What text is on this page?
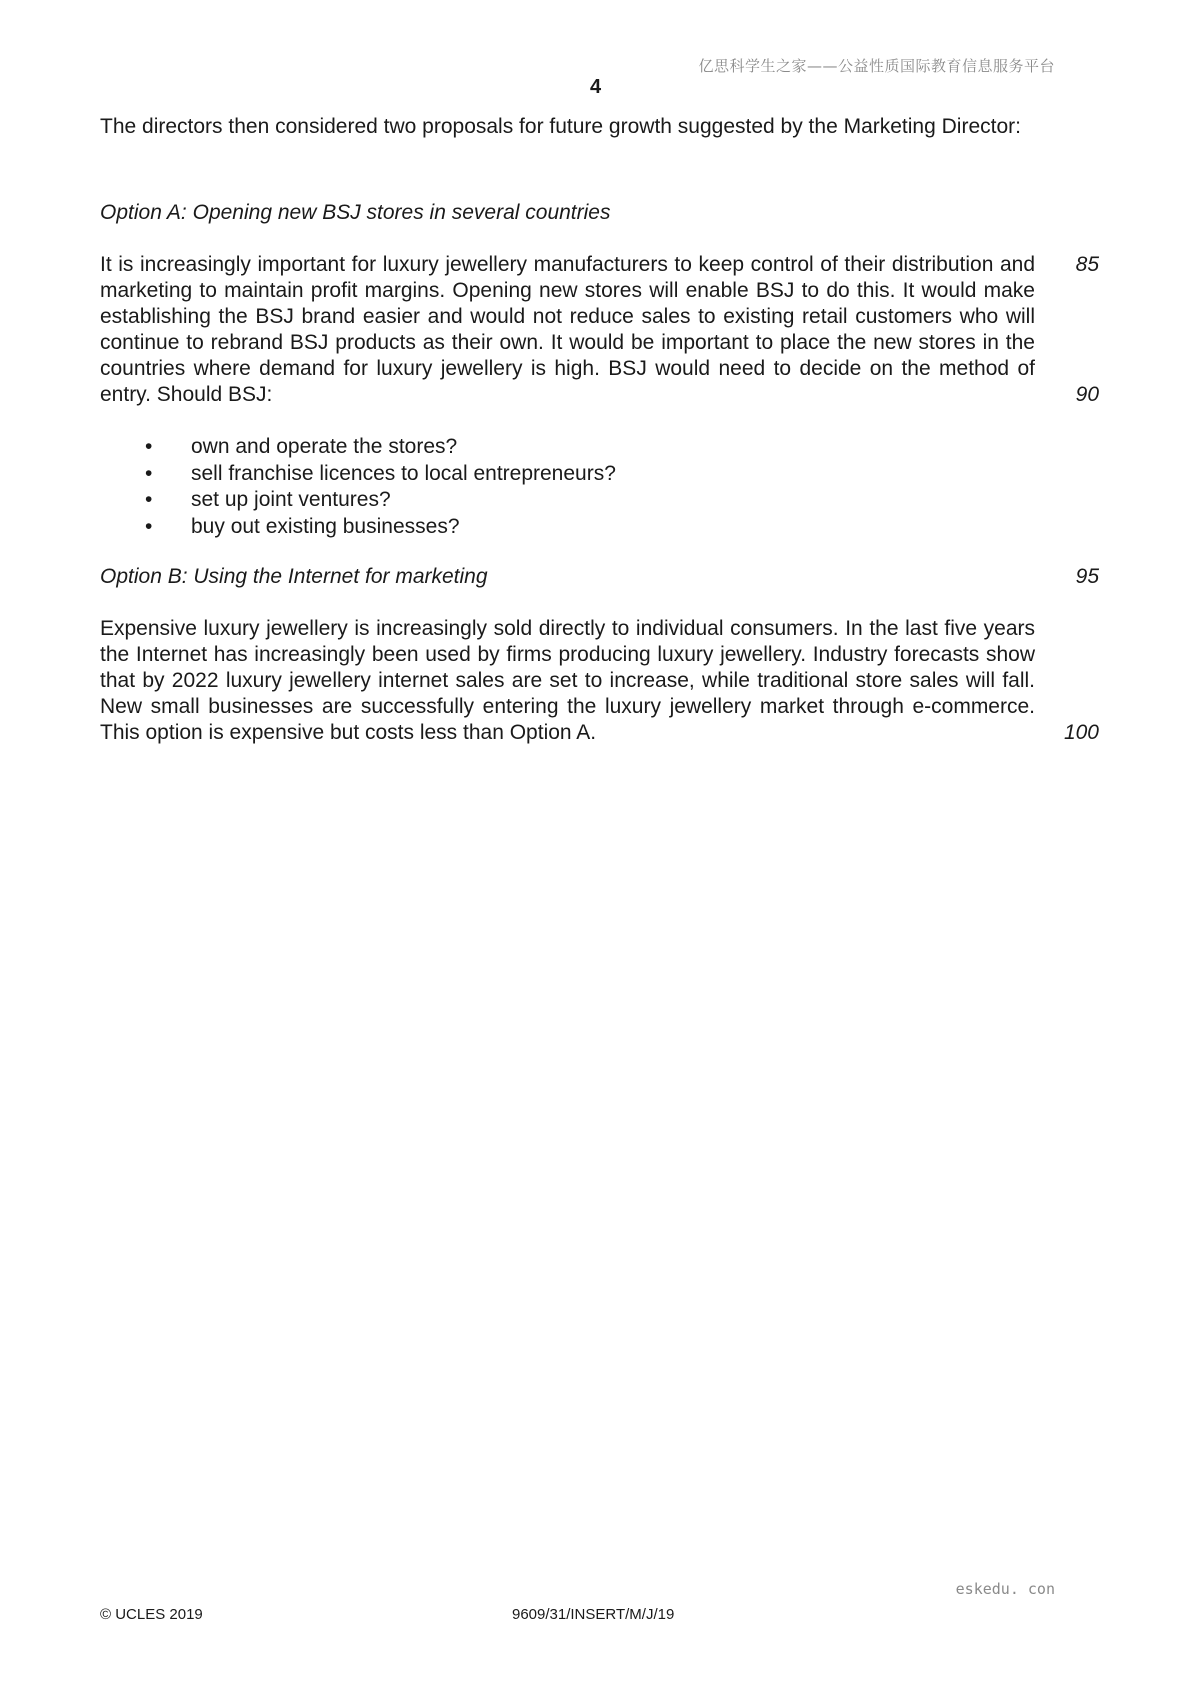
亿思科学生之家——公益性质国际教育信息服务平台
4
The directors then considered two proposals for future growth suggested by the Marketing Director:
Option A: Opening new BSJ stores in several countries
It is increasingly important for luxury jewellery manufacturers to keep control of their distribution and marketing to maintain profit margins. Opening new stores will enable BSJ to do this. It would make establishing the BSJ brand easier and would not reduce sales to existing retail customers who will continue to rebrand BSJ products as their own. It would be important to place the new stores in the countries where demand for luxury jewellery is high. BSJ would need to decide on the method of entry. Should BSJ:
85
90
• own and operate the stores?
• sell franchise licences to local entrepreneurs?
• set up joint ventures?
• buy out existing businesses?
Option B: Using the Internet for marketing	95
Expensive luxury jewellery is increasingly sold directly to individual consumers. In the last five years the Internet has increasingly been used by firms producing luxury jewellery. Industry forecasts show that by 2022 luxury jewellery internet sales are set to increase, while traditional store sales will fall. New small businesses are successfully entering the luxury jewellery market through e-commerce. This option is expensive but costs less than Option A.	100
eskedu. con
© UCLES 2019	9609/31/INSERT/M/J/19
